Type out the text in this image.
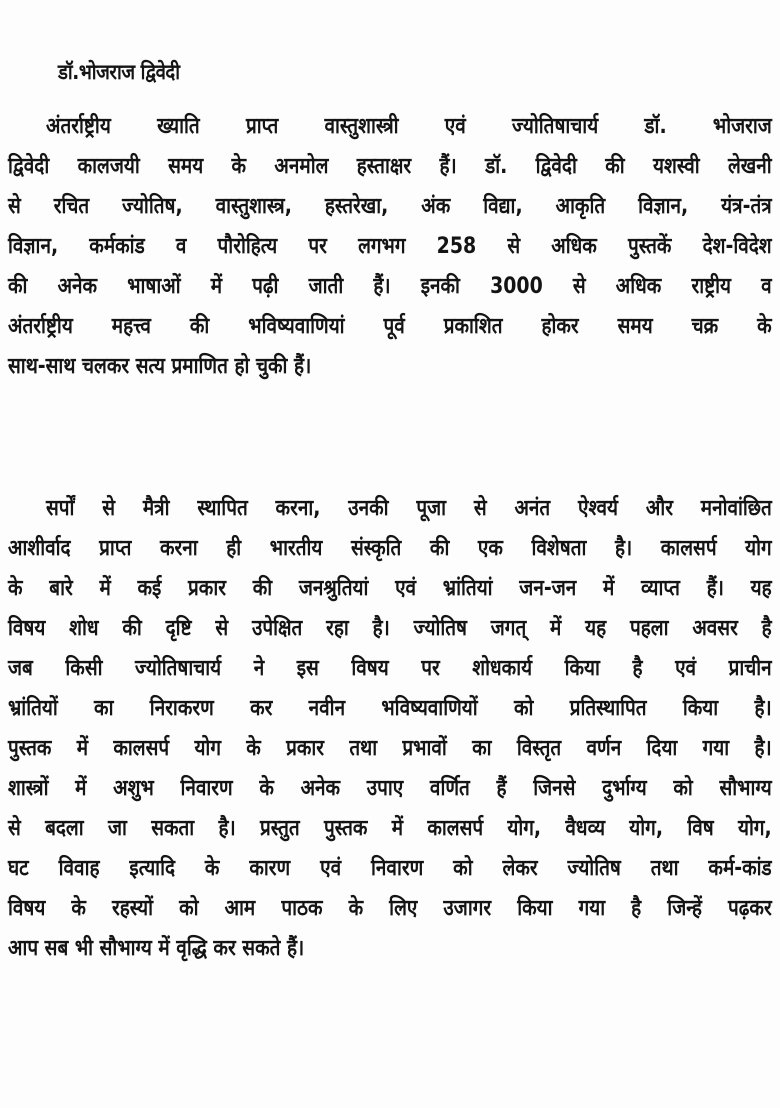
डॉ.भोजराज द्विवेदी
अंतर्राष्ट्रीय ख्याति प्राप्त वास्तुशास्त्री एवं ज्योतिषाचार्य डॉ. भोजराज
द्विवेदी कालजयी समय के अनमोल हस्ताक्षर हैं। डॉ. द्विवेदी की यशस्वी लेखनी
से रचित ज्योतिष, वास्तुशास्त्र, हस्तरेखा, अंक विद्या, आकृति विज्ञान, यंत्र-तंत्र
विज्ञान, कर्मकांड व पौरोहित्य पर लगभग 258 से अधिक पुस्तकें देश-विदेश
की अनेक भाषाओं में पढ़ी जाती हैं। इनकी 3000 से अधिक राष्ट्रीय व
अंतर्राष्ट्रीय महत्त्व की भविष्यवाणियां पूर्व प्रकाशित होकर समय चक्र के
साथ-साथ चलकर सत्य प्रमाणित हो चुकी हैं।
सर्पों से मैत्री स्थापित करना, उनकी पूजा से अनंत ऐश्वर्य और मनोवांछित
आशीर्वाद प्राप्त करना ही भारतीय संस्कृति की एक विशेषता है। कालसर्प योग
के बारे में कई प्रकार की जनश्रुतियां एवं भ्रांतियां जन-जन में व्याप्त हैं। यह
विषय शोध की दृष्टि से उपेक्षित रहा है। ज्योतिष जगत् में यह पहला अवसर है
जब किसी ज्योतिषाचार्य ने इस विषय पर शोधकार्य किया है एवं प्राचीन
भ्रांतियों का निराकरण कर नवीन भविष्यवाणियों को प्रतिस्थापित किया है।
पुस्तक में कालसर्प योग के प्रकार तथा प्रभावों का विस्तृत वर्णन दिया गया है।
शास्त्रों में अशुभ निवारण के अनेक उपाए वर्णित हैं जिनसे दुर्भाग्य को सौभाग्य
से बदला जा सकता है। प्रस्तुत पुस्तक में कालसर्प योग, वैधव्य योग, विष योग,
घट विवाह इत्यादि के कारण एवं निवारण को लेकर ज्योतिष तथा कर्म-कांड
विषय के रहस्यों को आम पाठक के लिए उजागर किया गया है जिन्हें पढ़कर
आप सब भी सौभाग्य में वृद्धि कर सकते हैं।
